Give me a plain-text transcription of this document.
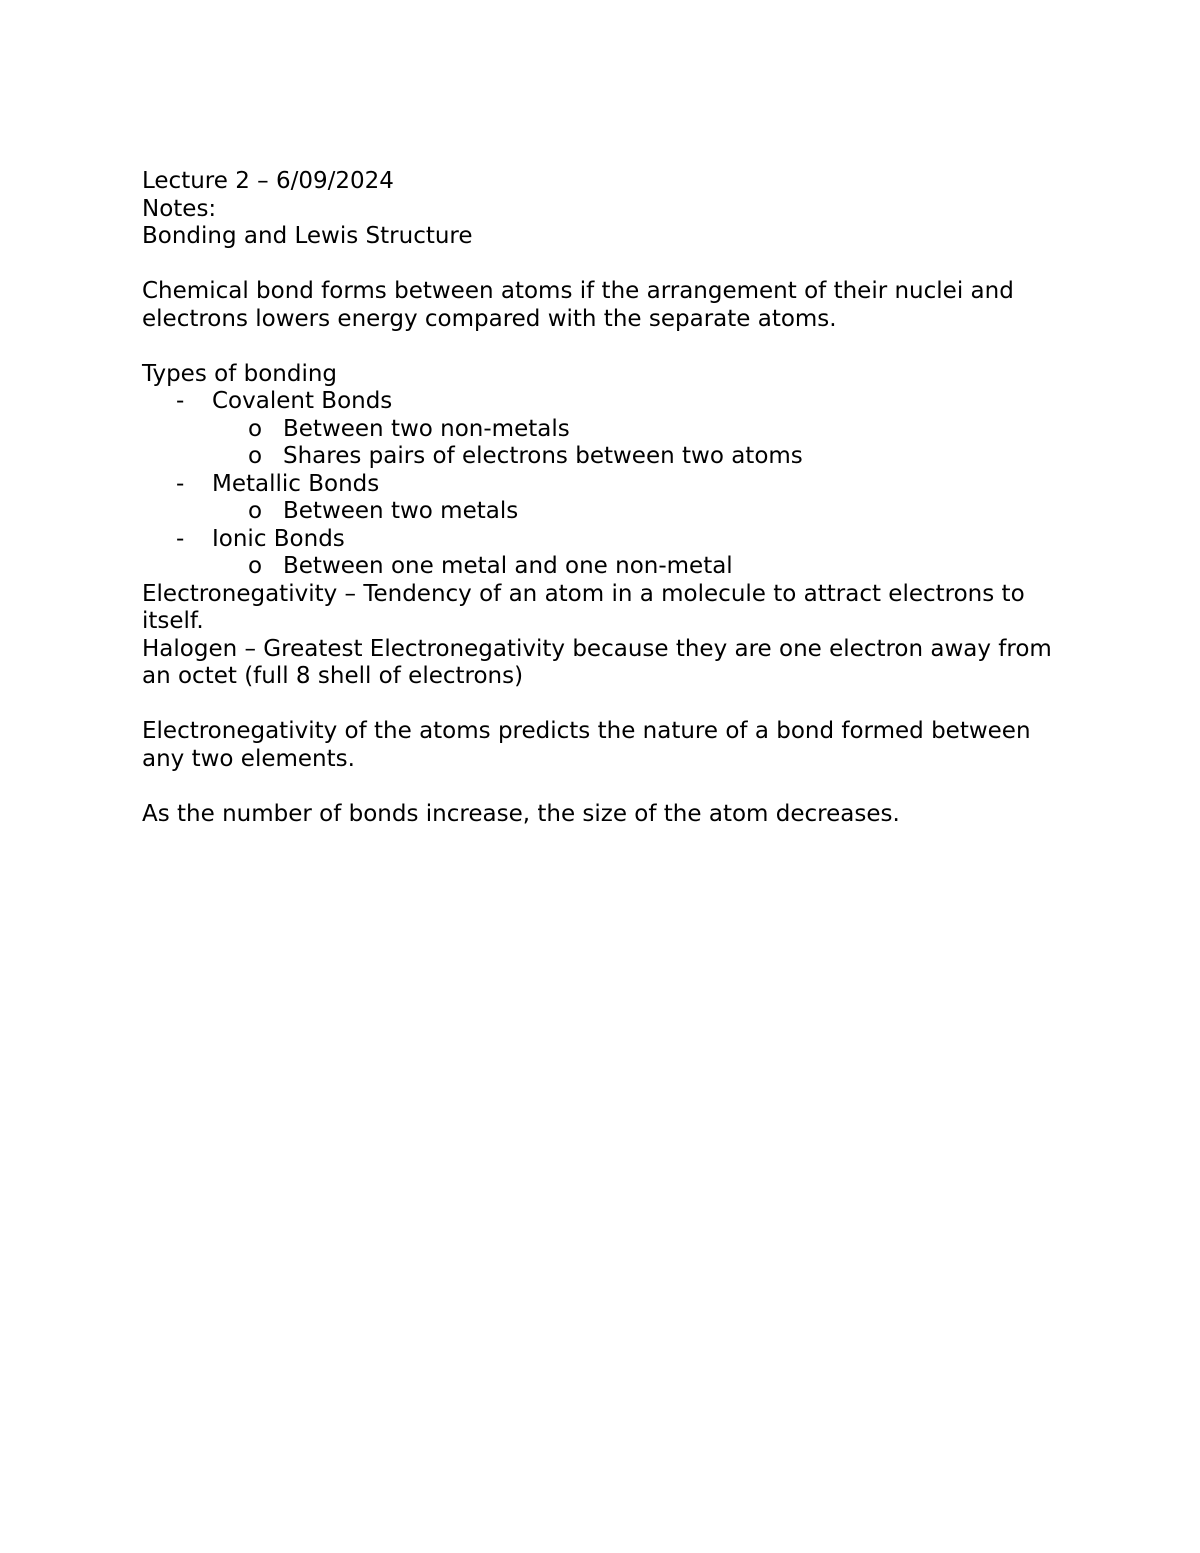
Lecture 2 – 6/09/2024

Notes:

Bonding and Lewis Structure

Chemical bond forms between atoms if the arrangement of their nuclei and electrons lowers energy compared with the separate atoms.

Types of bonding

- Covalent Bonds
o Between two non-metals
o Shares pairs of electrons between two atoms
- Metallic Bonds
o Between two metals
- Ionic Bonds
o Between one metal and one non-metal

Electronegativity – Tendency of an atom in a molecule to attract electrons to itself.

Halogen – Greatest Electronegativity because they are one electron away from an octet (full 8 shell of electrons)

Electronegativity of the atoms predicts the nature of a bond formed between any two elements.

As the number of bonds increase, the size of the atom decreases.
